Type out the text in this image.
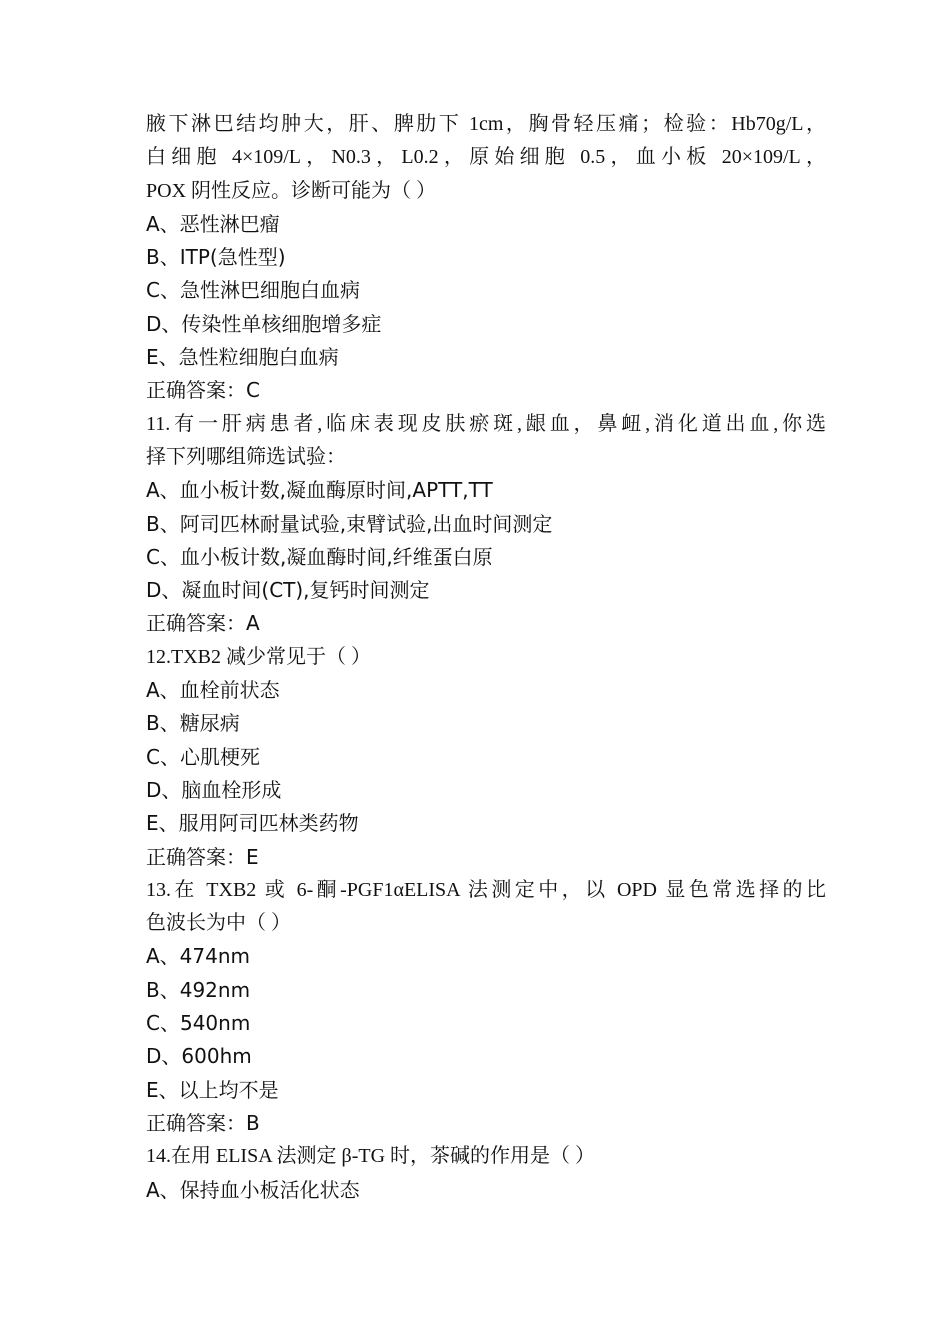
腋下淋巴结均肿大，肝、脾肋下 1cm，胸骨轻压痛；检验：Hb70g/L，
白细胞 4×109/L，N0.3，L0.2，原始细胞 0.5，血小板 20×109/L，
POX 阴性反应。诊断可能为（ ）
A、恶性淋巴瘤
B、ITP(急性型)
C、急性淋巴细胞白血病
D、传染性单核细胞增多症
E、急性粒细胞白血病
正确答案：C
11.有一肝病患者,临床表现皮肤瘀斑,龈血，鼻衄,消化道出血,你选
择下列哪组筛选试验：
A、血小板计数,凝血酶原时间,APTT,TT
B、阿司匹林耐量试验,束臂试验,出血时间测定
C、血小板计数,凝血酶时间,纤维蛋白原
D、凝血时间(CT),复钙时间测定
正确答案：A
12.TXB2 减少常见于（ ）
A、血栓前状态
B、糖尿病
C、心肌梗死
D、脑血栓形成
E、服用阿司匹林类药物
正确答案：E
13.在 TXB2 或 6-酮-PGF1αELISA 法测定中，以 OPD 显色常选择的比
色波长为中（ ）
A、474nm
B、492nm
C、540nm
D、600hm
E、以上均不是
正确答案：B
14.在用 ELISA 法测定 β-TG 时，茶碱的作用是（ ）
A、保持血小板活化状态
